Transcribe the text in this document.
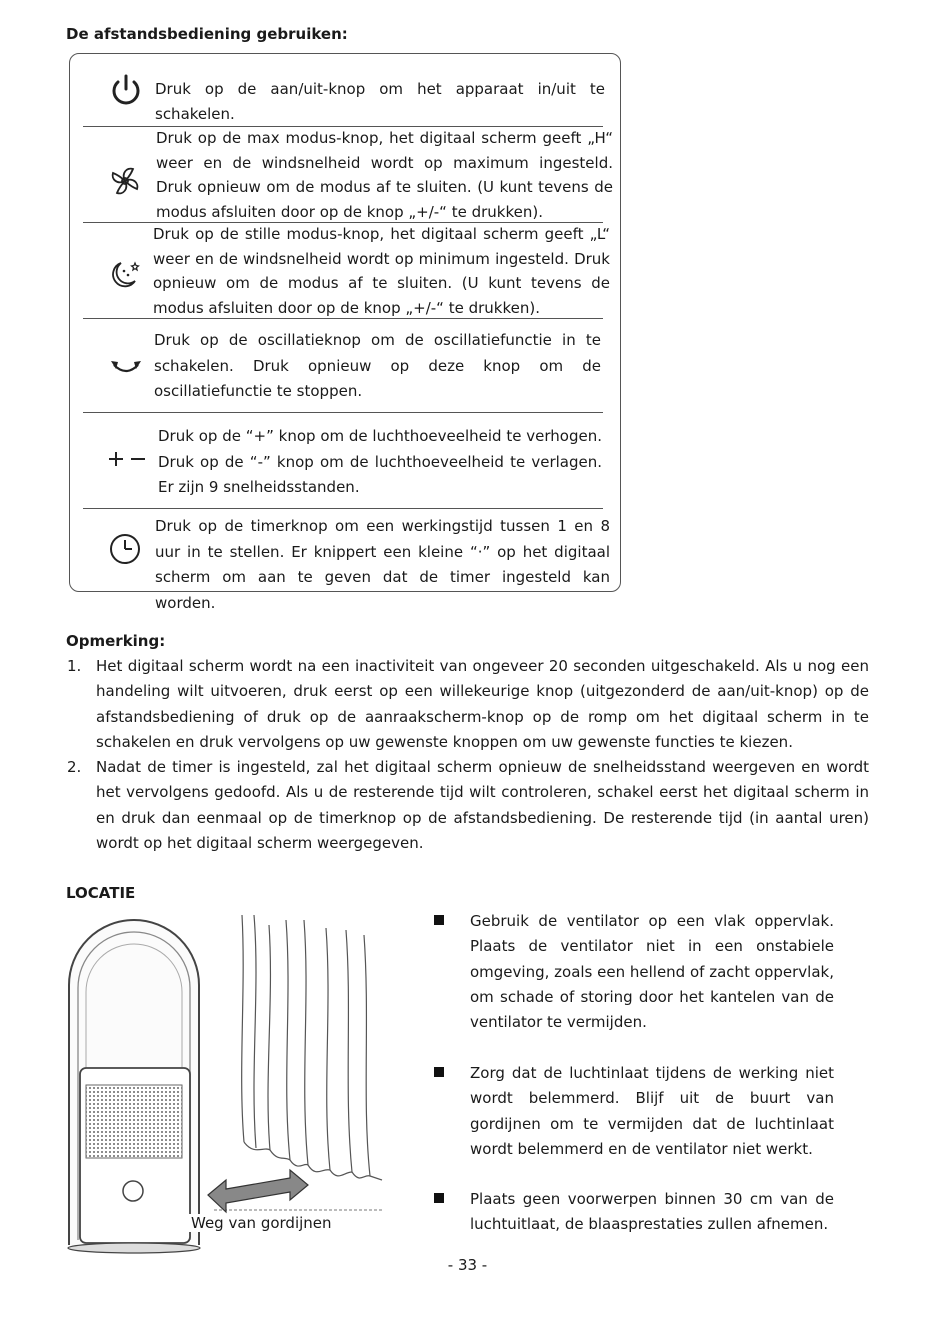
De afstandsbediening gebruiken:
Druk op de aan/uit-knop om het apparaat in/uit te schakelen.
Druk op de max modus-knop, het digitaal scherm geeft „H“ weer en de windsnelheid wordt op maximum ingesteld. Druk opnieuw om de modus af te sluiten. (U kunt tevens de modus afsluiten door op de knop „+/-“ te drukken).
Druk op de stille modus-knop, het digitaal scherm geeft „L“ weer en de windsnelheid wordt op minimum ingesteld. Druk opnieuw om de modus af te sluiten. (U kunt tevens de modus afsluiten door op de knop „+/-“ te drukken).
Druk op de oscillatieknop om de oscillatiefunctie in te schakelen. Druk opnieuw op deze knop om de oscillatiefunctie te stoppen.
Druk op de “+” knop om de luchthoeveelheid te verhogen. Druk op de “-” knop om de luchthoeveelheid te verlagen. Er zijn 9 snelheidsstanden.
Druk op de timerknop om een werkingstijd tussen 1 en 8 uur in te stellen. Er knippert een kleine “·” op het digitaal scherm om aan te geven dat de timer ingesteld kan worden.
Opmerking:
1. Het digitaal scherm wordt na een inactiviteit van ongeveer 20 seconden uitgeschakeld. Als u nog een handeling wilt uitvoeren, druk eerst op een willekeurige knop (uitgezonderd de aan/uit-knop) op de afstandsbediening of druk op de aanraakscherm-knop op de romp om het digitaal scherm in te schakelen en druk vervolgens op uw gewenste knoppen om uw gewenste functies te kiezen.
2. Nadat de timer is ingesteld, zal het digitaal scherm opnieuw de snelheidsstand weergeven en wordt het vervolgens gedoofd. Als u de resterende tijd wilt controleren, schakel eerst het digitaal scherm in en druk dan eenmaal op de timerknop op de afstandsbediening. De resterende tijd (in aantal uren) wordt op het digitaal scherm weergegeven.
LOCATIE
Weg van gordijnen
Gebruik de ventilator op een vlak oppervlak. Plaats de ventilator niet in een onstabiele omgeving, zoals een hellend of zacht oppervlak, om schade of storing door het kantelen van de ventilator te vermijden.
Zorg dat de luchtinlaat tijdens de werking niet wordt belemmerd. Blijf uit de buurt van gordijnen om te vermijden dat de luchtinlaat wordt belemmerd en de ventilator niet werkt.
Plaats geen voorwerpen binnen 30 cm van de luchtuitlaat, de blaasprestaties zullen afnemen.
- 33 -
